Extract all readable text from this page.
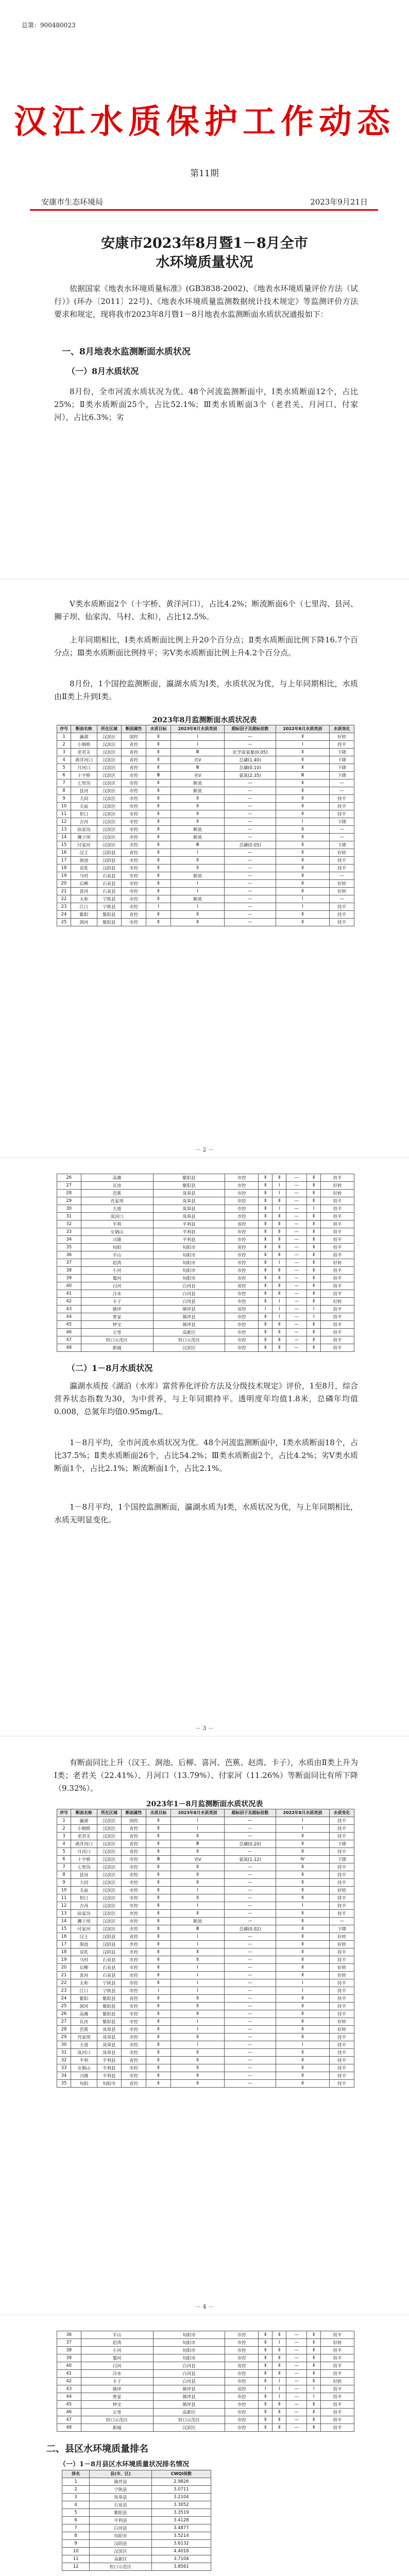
总第：900480023
汉江水质保护工作动态
第11期
安康市生态环境局	2023年9月21日
安康市2023年8月暨1－8月全市
水环境质量状况
依据国家《地表水环境质量标准》(GB3838-2002)、《地表水环境质量评价方法（试行）》(环办〔2011〕22号)、《地表水环境质量监测数据统计技术规定》等监测评价方法要求和规定，现将我市2023年8月暨1－8月地表水监测断面水质状况通报如下：
一、8月地表水监测断面水质状况
（一）8月水质状况
8月份，全市河流水质状况为优。48个河流监测断面中，Ⅰ类水质断面12个，占比25%；Ⅱ类水质断面25个，占比52.1%；Ⅲ类水质断面3个（老君关、月河口、付家河），占比6.3%；劣
Ⅴ类水质断面2个（十字桥、黄洋河口），占比4.2%；断流断面6个（七里沟、县河、狮子坝、仙家沟、马村、太和），占比12.5%。
上年同期相比，Ⅰ类水质断面比例上升20个百分点；Ⅱ类水质断面比例下降16.7个百分点；Ⅲ类水质断面比例持平；劣Ⅴ类水质断面比例上升4.2个百分点。
8月份，1个国控监测断面，瀛湖水质为Ⅰ类，水质状况为优，与上年同期相比，水质由Ⅱ类上升到Ⅰ类。
2023年8月监测断面水质状况表
序号	断面名称	所在区域	断面属性	水质目标	2023年8月水质类别	超标因子及超标倍数	2022年8月水质类别	水质变化
1	瀛湖	汉滨区	国控	Ⅱ	Ⅰ	—	Ⅱ	好转
2	小钢桥	汉滨区	省控	Ⅱ	Ⅰ	—	Ⅰ	持平
3	老君关	汉滨区	省控	Ⅱ	Ⅲ	化学需氧量(0.05)	Ⅱ	下降
4	黄洋河口	汉滨区	省控	Ⅱ	劣Ⅴ	总磷(1.40)	Ⅱ	下降
5	月河口	汉滨区	省控	Ⅱ	Ⅲ	总磷(0.10)	Ⅱ	下降
6	十字桥	汉滨区	市控	Ⅲ	劣Ⅴ	氨氮(2.35)	Ⅲ	下降
7	七里沟	汉滨区	市控	Ⅱ	断流	—	Ⅱ	—
8	县河	汉滨区	市控	Ⅱ	断流	—	Ⅱ	—
9	大同	汉滨区	市控	Ⅱ	Ⅱ	—	Ⅱ	持平
10	关庙	汉滨区	市控	Ⅱ	Ⅱ	—	Ⅱ	持平
11	恒口	汉滨区	市控	Ⅱ	Ⅱ	—	Ⅱ	持平
12	吉河	汉滨区	市控	Ⅱ	Ⅱ	—	Ⅰ	下降
13	仙家沟	汉滨区	市控	Ⅱ	断流	—	Ⅱ	—
14	狮子坝	汉滨区	市控	Ⅱ	断流	—	Ⅱ	—
15	付家河	汉滨区	市控	Ⅱ	Ⅲ	总磷(0.05)	Ⅱ	下降
16	汉王	汉阴县	省控	Ⅱ	Ⅰ	—	Ⅱ	好转
17	涧池	汉阴县	市控	Ⅱ	Ⅱ	—	Ⅱ	持平
18	双乳	汉阴县	市控	Ⅱ	Ⅱ	—	Ⅱ	持平
19	马村	石泉县	市控	Ⅱ	断流	—	Ⅱ	—
20	后柳	石泉县	市控	Ⅱ	Ⅰ	—	Ⅱ	好转
21	喜河	石泉县	市控	Ⅱ	Ⅰ	—	Ⅱ	好转
22	太和	宁陕县	市控	Ⅱ	断流	—	Ⅰ	—
23	江口	宁陕县	市控	Ⅰ	Ⅰ	—	Ⅰ	持平
24	紫阳	紫阳县	省控	Ⅱ	Ⅱ	—	Ⅱ	持平
25	洞河	紫阳县	市控	Ⅱ	Ⅱ	—	Ⅱ	持平
－ 2 －
26	高滩	紫阳县	市控	Ⅱ	Ⅱ	—	Ⅱ	持平
27	瓦房	紫阳县	市控	Ⅱ	Ⅰ	—	Ⅱ	好转
28	芭蕉	岚皋县	市控	Ⅱ	Ⅰ	—	Ⅱ	好转
29	肖家坝	岚皋县	市控	Ⅱ	Ⅱ	—	Ⅱ	持平
30	大道	岚皋县	市控	Ⅱ	Ⅰ	—	Ⅰ	持平
31	岚河口	岚皋县	市控	Ⅱ	Ⅱ	—	Ⅱ	持平
32	平利	平利县	省控	Ⅱ	Ⅱ	—	Ⅱ	持平
33	女娲山	平利县	市控	Ⅱ	Ⅱ	—	Ⅱ	持平
34	兴隆	平利县	市控	Ⅱ	Ⅱ	—	Ⅱ	持平
35	旬阳	旬阳市	省控	Ⅱ	Ⅱ	—	Ⅱ	持平
36	羊山	旬阳市	市控	Ⅱ	Ⅱ	—	Ⅱ	持平
37	赵湾	旬阳市	市控	Ⅱ	Ⅰ	—	Ⅱ	好转
38	小河	旬阳市	市控	Ⅱ	Ⅱ	—	Ⅱ	持平
39	蜀河	旬阳市	市控	Ⅱ	Ⅱ	—	Ⅱ	持平
40	白河	白河县	省控	Ⅱ	Ⅱ	—	Ⅱ	持平
41	冷水	白河县	市控	Ⅱ	Ⅱ	—	Ⅱ	持平
42	卡子	白河县	市控	Ⅱ	Ⅰ	—	Ⅱ	好转
43	镇坪	镇坪县	省控	Ⅰ	Ⅰ	—	Ⅰ	持平
44	曾家	镇坪县	市控	Ⅱ	Ⅰ	—	Ⅰ	持平
45	钟宝	镇坪县	市控	Ⅱ	Ⅱ	—	Ⅱ	持平
46	五里	高新区	市控	Ⅱ	Ⅱ	—	Ⅱ	持平
47	恒口示范区	恒口示范区	市控	Ⅱ	Ⅱ	—	Ⅱ	持平
48	新城	汉滨区	市控	Ⅱ	Ⅱ	—	Ⅱ	持平
（二）1－8月水质状况
瀛湖水质按《湖泊（水库）富营养化评价方法及分级技术规定》评价，1至8月，综合营养状态指数为30，为中营养，与上年同期持平。透明度年均值1.8米，总磷年均值0.008，总氮年均值0.95mg/L。
1－8月平均，全市河流水质状况为优。48个河流监测断面中，Ⅰ类水质断面18个，占比37.5%；Ⅱ类水质断面26个，占比54.2%；Ⅲ类水质断面2个，占比4.2%；劣Ⅴ类水质断面1个，占比2.1%；断流断面1个，占比2.1%。
1－8月平均，1个国控监测断面，瀛湖水质为Ⅰ类，水质状况为优，与上年同期相比，水质无明显变化。
－ 3 －
有断面同比上升（汉王、涧池、后柳、喜河、芭蕉、赵湾、卡子），水质由Ⅱ类上升为Ⅰ类；老君关（22.41%）、月河口（13.79%）、付家河（11.26%）等断面同比有所下降（9.32%）。
2023年1－8月监测断面水质状况表
序号	断面名称	所在区域	断面属性	水质目标	2023年8月水质类别	超标因子及超标倍数	2022年8月水质类别	水质变化
1	瀛湖	汉滨区	国控	Ⅱ	Ⅰ	—	Ⅰ	持平
2	小钢桥	汉滨区	省控	Ⅱ	Ⅰ	—	Ⅰ	持平
3	老君关	汉滨区	省控	Ⅱ	Ⅱ	—	Ⅱ	持平
4	黄洋河口	汉滨区	省控	Ⅱ	Ⅲ	总磷(0.20)	Ⅱ	下降
5	月河口	汉滨区	省控	Ⅱ	Ⅱ	—	Ⅱ	持平
6	十字桥	汉滨区	市控	Ⅲ	劣Ⅴ	氨氮(1.12)	Ⅳ	下降
7	七里沟	汉滨区	市控	Ⅱ	Ⅱ	—	Ⅱ	持平
8	县河	汉滨区	市控	Ⅱ	Ⅱ	—	Ⅱ	持平
9	大同	汉滨区	市控	Ⅱ	Ⅱ	—	Ⅱ	持平
10	关庙	汉滨区	市控	Ⅱ	Ⅰ	—	Ⅱ	好转
11	恒口	汉滨区	市控	Ⅱ	Ⅱ	—	Ⅱ	持平
12	吉河	汉滨区	市控	Ⅱ	Ⅰ	—	Ⅰ	持平
13	仙家沟	汉滨区	市控	Ⅱ	Ⅱ	—	Ⅱ	持平
14	狮子坝	汉滨区	市控	Ⅱ	断流	—	Ⅱ	—
15	付家河	汉滨区	市控	Ⅱ	Ⅲ	总磷(0.02)	Ⅱ	下降
16	汉王	汉阴县	省控	Ⅱ	Ⅰ	—	Ⅱ	好转
17	涧池	汉阴县	市控	Ⅱ	Ⅰ	—	Ⅱ	好转
18	双乳	汉阴县	市控	Ⅱ	Ⅱ	—	Ⅱ	持平
19	马村	石泉县	市控	Ⅱ	Ⅱ	—	Ⅱ	持平
20	后柳	石泉县	市控	Ⅱ	Ⅰ	—	Ⅱ	好转
21	喜河	石泉县	市控	Ⅱ	Ⅰ	—	Ⅱ	好转
22	太和	宁陕县	市控	Ⅱ	Ⅰ	—	Ⅰ	持平
23	江口	宁陕县	市控	Ⅰ	Ⅰ	—	Ⅰ	持平
24	紫阳	紫阳县	省控	Ⅱ	Ⅱ	—	Ⅱ	持平
25	洞河	紫阳县	市控	Ⅱ	Ⅱ	—	Ⅱ	持平
26	高滩	紫阳县	市控	Ⅱ	Ⅱ	—	Ⅱ	持平
27	瓦房	紫阳县	市控	Ⅱ	Ⅰ	—	Ⅱ	好转
28	芭蕉	岚皋县	市控	Ⅱ	Ⅰ	—	Ⅱ	好转
29	肖家坝	岚皋县	市控	Ⅱ	Ⅱ	—	Ⅱ	持平
30	大道	岚皋县	市控	Ⅱ	Ⅰ	—	Ⅰ	持平
31	岚河口	岚皋县	市控	Ⅱ	Ⅱ	—	Ⅱ	持平
32	平利	平利县	省控	Ⅱ	Ⅱ	—	Ⅱ	持平
33	女娲山	平利县	市控	Ⅱ	Ⅱ	—	Ⅱ	持平
34	兴隆	平利县	市控	Ⅱ	Ⅱ	—	Ⅱ	持平
35	旬阳	旬阳市	省控	Ⅱ	Ⅱ	—	Ⅱ	持平
－ 4 －
36	羊山	旬阳市	市控	Ⅱ	Ⅱ	—	Ⅱ	持平
37	赵湾	旬阳市	市控	Ⅱ	Ⅰ	—	Ⅱ	好转
38	小河	旬阳市	市控	Ⅱ	Ⅱ	—	Ⅱ	持平
39	蜀河	旬阳市	市控	Ⅱ	Ⅱ	—	Ⅱ	持平
40	白河	白河县	省控	Ⅱ	Ⅱ	—	Ⅱ	持平
41	冷水	白河县	市控	Ⅱ	Ⅱ	—	Ⅱ	持平
42	卡子	白河县	市控	Ⅱ	Ⅰ	—	Ⅱ	好转
43	镇坪	镇坪县	省控	Ⅰ	Ⅰ	—	Ⅰ	持平
44	曾家	镇坪县	市控	Ⅱ	Ⅰ	—	Ⅰ	持平
45	钟宝	镇坪县	市控	Ⅱ	Ⅱ	—	Ⅱ	持平
46	五里	高新区	市控	Ⅱ	Ⅱ	—	Ⅱ	持平
47	恒口示范区	恒口示范区	市控	Ⅱ	Ⅱ	—	Ⅱ	持平
48	新城	汉滨区	市控	Ⅱ	Ⅱ	—	Ⅱ	持平
二、县区水环境质量排名
（一）1－8月县区水环境质量状况排名情况
排名	县(市、区)	CWQI指数
1	镇坪县	2.9826
2	宁陕县	3.0711
3	岚皋县	3.2104
4	石泉县	3.3052
5	紫阳县	3.3519
6	平利县	3.4128
7	白河县	3.4877
8	旬阳市	3.5214
9	汉阴县	3.6132
10	汉滨区	4.4018
11	高新区	3.7104
12	恒口示范区	3.8561
